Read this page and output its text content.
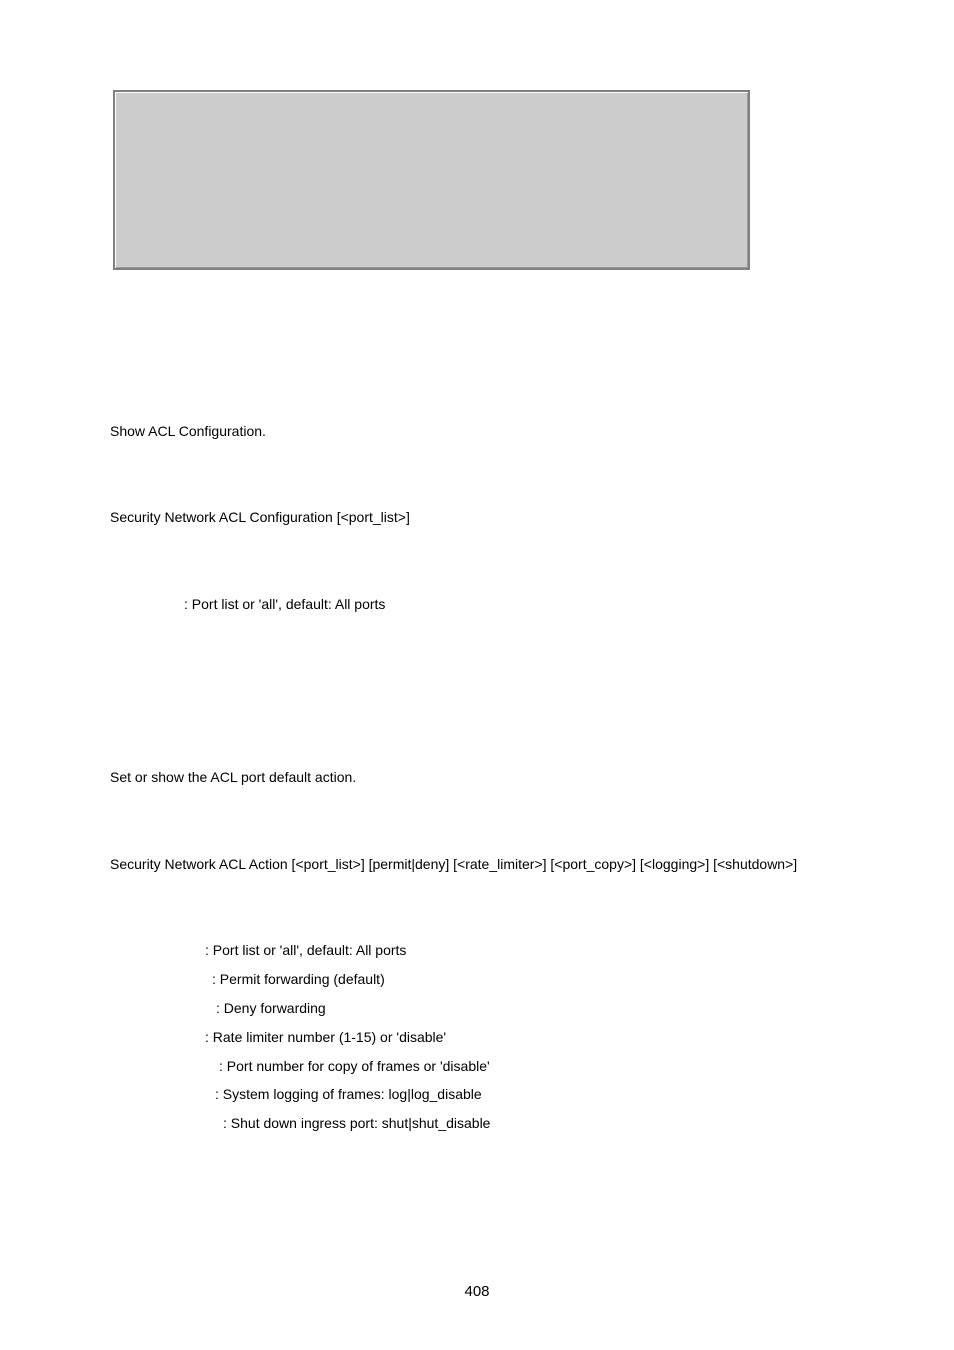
Show ACL Configuration.
Security Network ACL Configuration [<port_list>]
: Port list or 'all', default: All ports
Set or show the ACL port default action.
Security Network ACL Action [<port_list>] [permit|deny] [<rate_limiter>] [<port_copy>] [<logging>] [<shutdown>]
: Port list or 'all', default: All ports
: Permit forwarding (default)
: Deny forwarding
: Rate limiter number (1-15) or 'disable'
: Port number for copy of frames or 'disable'
: System logging of frames: log|log_disable
: Shut down ingress port: shut|shut_disable
408
